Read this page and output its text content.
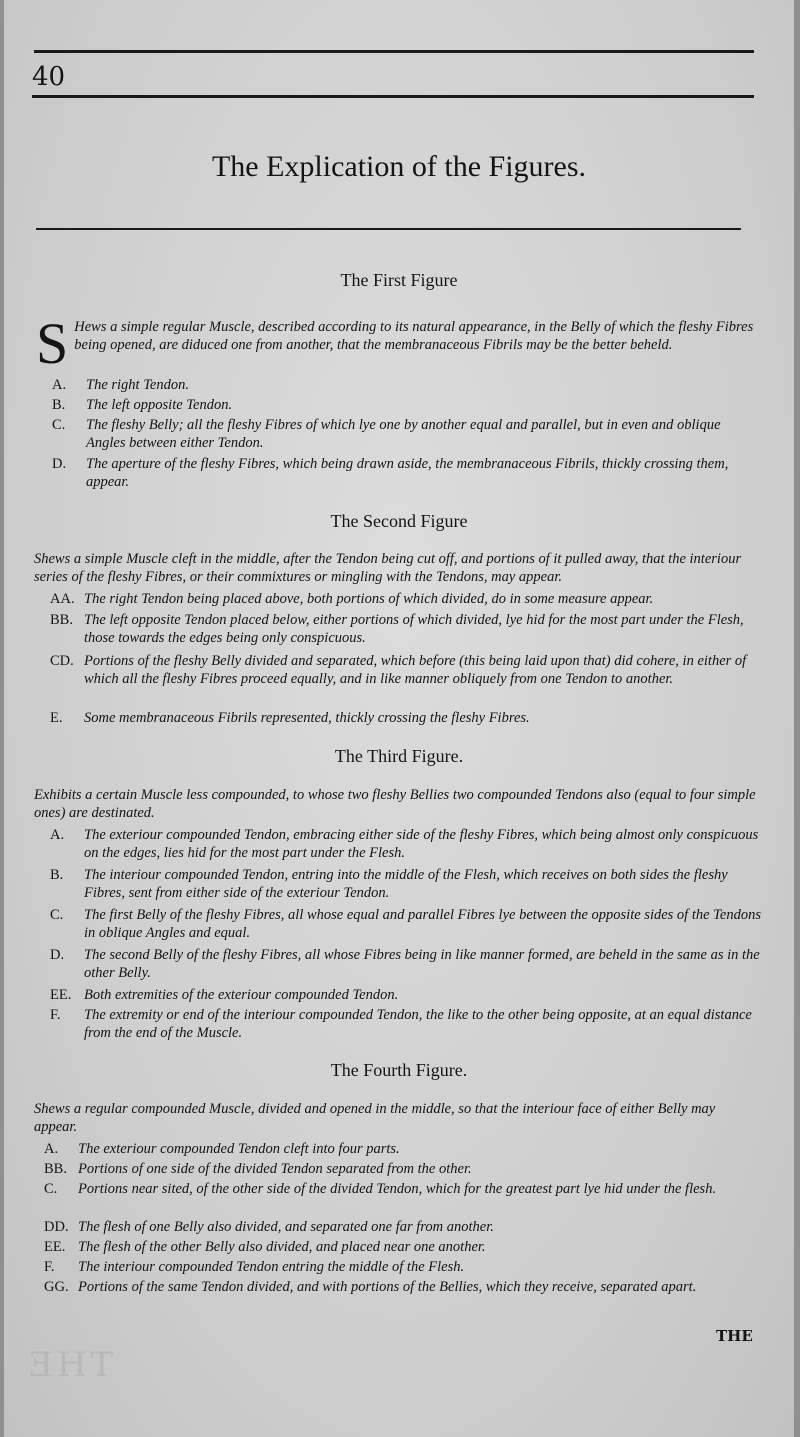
40
The Explication of the Figures.
The First Figure
S Hews a simple regular Muscle, described according to its natural appearance, in the Belly of which the fleshy Fibres being opened, are diduced one from another, that the membranaceous Fibrils may be the better beheld.
A.	The right Tendon.
B.	The left opposite Tendon.
C.	The fleshy Belly; all the fleshy Fibres of which lye one by another equal and parallel, but in even and oblique Angles between either Tendon.
D.	The aperture of the fleshy Fibres, which being drawn aside, the membranaceous Fibrils, thickly crossing them, appear.
The Second Figure
Shews a simple Muscle cleft in the middle, after the Tendon being cut off, and portions of it pulled away, that the interiour series of the fleshy Fibres, or their commixtures or mingling with the Tendons, may appear.
AA. The right Tendon being placed above, both portions of which divided, do in some measure appear.
BB. The left opposite Tendon placed below, either portions of which divided, lye hid for the most part under the Flesh, those towards the edges being only conspicuous.
CD. Portions of the fleshy Belly divided and separated, which before (this being laid upon that) did cohere, in either of which all the fleshy Fibres proceed equally, and in like manner obliquely from one Tendon to another.
E.	Some membranaceous Fibrils represented, thickly crossing the fleshy Fibres.
The Third Figure.
Exhibits a certain Muscle less compounded, to whose two fleshy Bellies two compounded Tendons also (equal to four simple ones) are destinated.
A.	The exteriour compounded Tendon, embracing either side of the fleshy Fibres, which being almost only conspicuous on the edges, lies hid for the most part under the Flesh.
B.	The interiour compounded Tendon, entring into the middle of the Flesh, which receives on both sides the fleshy Fibres, sent from either side of the exteriour Tendon.
C.	The first Belly of the fleshy Fibres, all whose equal and parallel Fibres lye between the opposite sides of the Tendons in oblique Angles and equal.
D.	The second Belly of the fleshy Fibres, all whose Fibres being in like manner formed, are beheld in the same as in the other Belly.
EE. Both extremities of the exteriour compounded Tendon.
F.	The extremity or end of the interiour compounded Tendon, the like to the other being opposite, at an equal distance from the end of the Muscle.
The Fourth Figure.
Shews a regular compounded Muscle, divided and opened in the middle, so that the interiour face of either Belly may appear.
A.	The exteriour compounded Tendon cleft into four parts.
BB. Portions of one side of the divided Tendon separated from the other.
C.	Portions near sited, of the other side of the divided Tendon, which for the greatest part lye hid under the flesh.
DD. The flesh of one Belly also divided, and separated one far from another.
EE. The flesh of the other Belly also divided, and placed near one another.
F.	The interiour compounded Tendon entring the middle of the Flesh.
GG. Portions of the same Tendon divided, and with portions of the Bellies, which they receive, separated apart.
THE
THE
